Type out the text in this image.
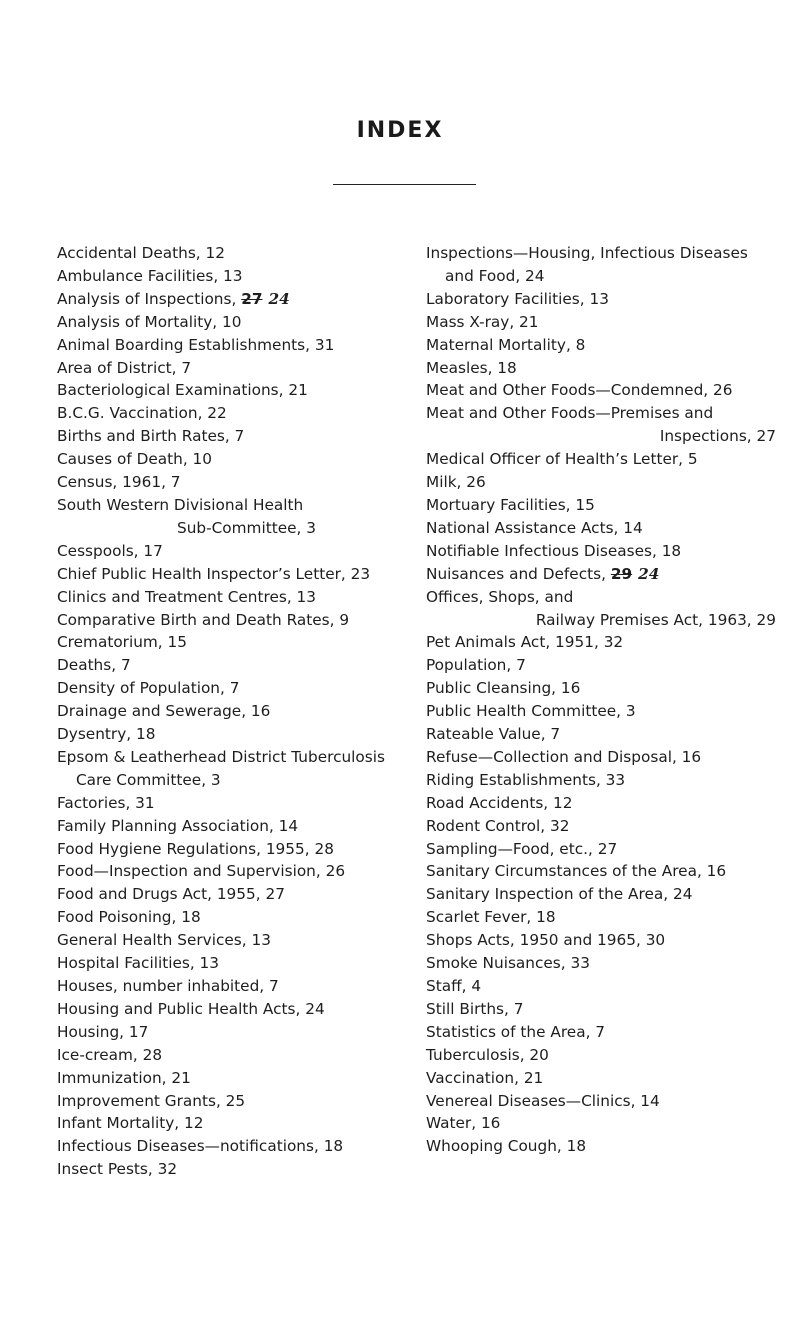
INDEX
Accidental Deaths, 12
Ambulance Facilities, 13
Analysis of Inspections, 27 24
Analysis of Mortality, 10
Animal Boarding Establishments, 31
Area of District, 7
Bacteriological Examinations, 21
B.C.G. Vaccination, 22
Births and Birth Rates, 7
Causes of Death, 10
Census, 1961, 7
South Western Divisional Health
Sub-Committee, 3
Cesspools, 17
Chief Public Health Inspector’s Letter, 23
Clinics and Treatment Centres, 13
Comparative Birth and Death Rates, 9
Crematorium, 15
Deaths, 7
Density of Population, 7
Drainage and Sewerage, 16
Dysentry, 18
Epsom & Leatherhead District Tuberculosis
Care Committee, 3
Factories, 31
Family Planning Association, 14
Food Hygiene Regulations, 1955, 28
Food—Inspection and Supervision, 26
Food and Drugs Act, 1955, 27
Food Poisoning, 18
General Health Services, 13
Hospital Facilities, 13
Houses, number inhabited, 7
Housing and Public Health Acts, 24
Housing, 17
Ice-cream, 28
Immunization, 21
Improvement Grants, 25
Infant Mortality, 12
Infectious Diseases—notifications, 18
Insect Pests, 32
Inspections—Housing, Infectious Diseases
and Food, 24
Laboratory Facilities, 13
Mass X-ray, 21
Maternal Mortality, 8
Measles, 18
Meat and Other Foods—Condemned, 26
Meat and Other Foods—Premises and
Inspections, 27
Medical Officer of Health’s Letter, 5
Milk, 26
Mortuary Facilities, 15
National Assistance Acts, 14
Notifiable Infectious Diseases, 18
Nuisances and Defects, 29 24
Offices, Shops, and
Railway Premises Act, 1963, 29
Pet Animals Act, 1951, 32
Population, 7
Public Cleansing, 16
Public Health Committee, 3
Rateable Value, 7
Refuse—Collection and Disposal, 16
Riding Establishments, 33
Road Accidents, 12
Rodent Control, 32
Sampling—Food, etc., 27
Sanitary Circumstances of the Area, 16
Sanitary Inspection of the Area, 24
Scarlet Fever, 18
Shops Acts, 1950 and 1965, 30
Smoke Nuisances, 33
Staff, 4
Still Births, 7
Statistics of the Area, 7
Tuberculosis, 20
Vaccination, 21
Venereal Diseases—Clinics, 14
Water, 16
Whooping Cough, 18
